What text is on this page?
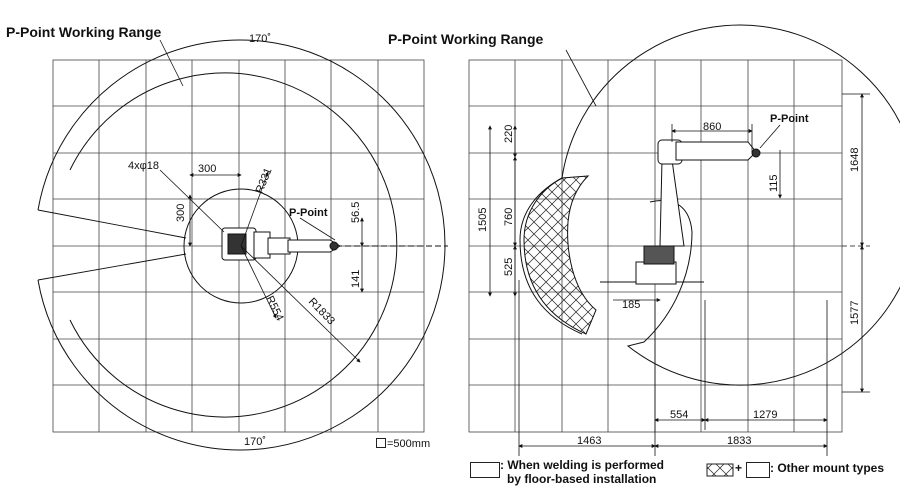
P-Point Working Range	P-Point Working Range
170˚
170˚
4xφ18	300
300
R331
R554 R1833
P-Point 56.5
141
860
P-Point
220
1505 760
525
115
185
1648
1577
554	1279
1463	1833
=500mm
: When welding is performed
by floor-based installation
+ : Other mount types
